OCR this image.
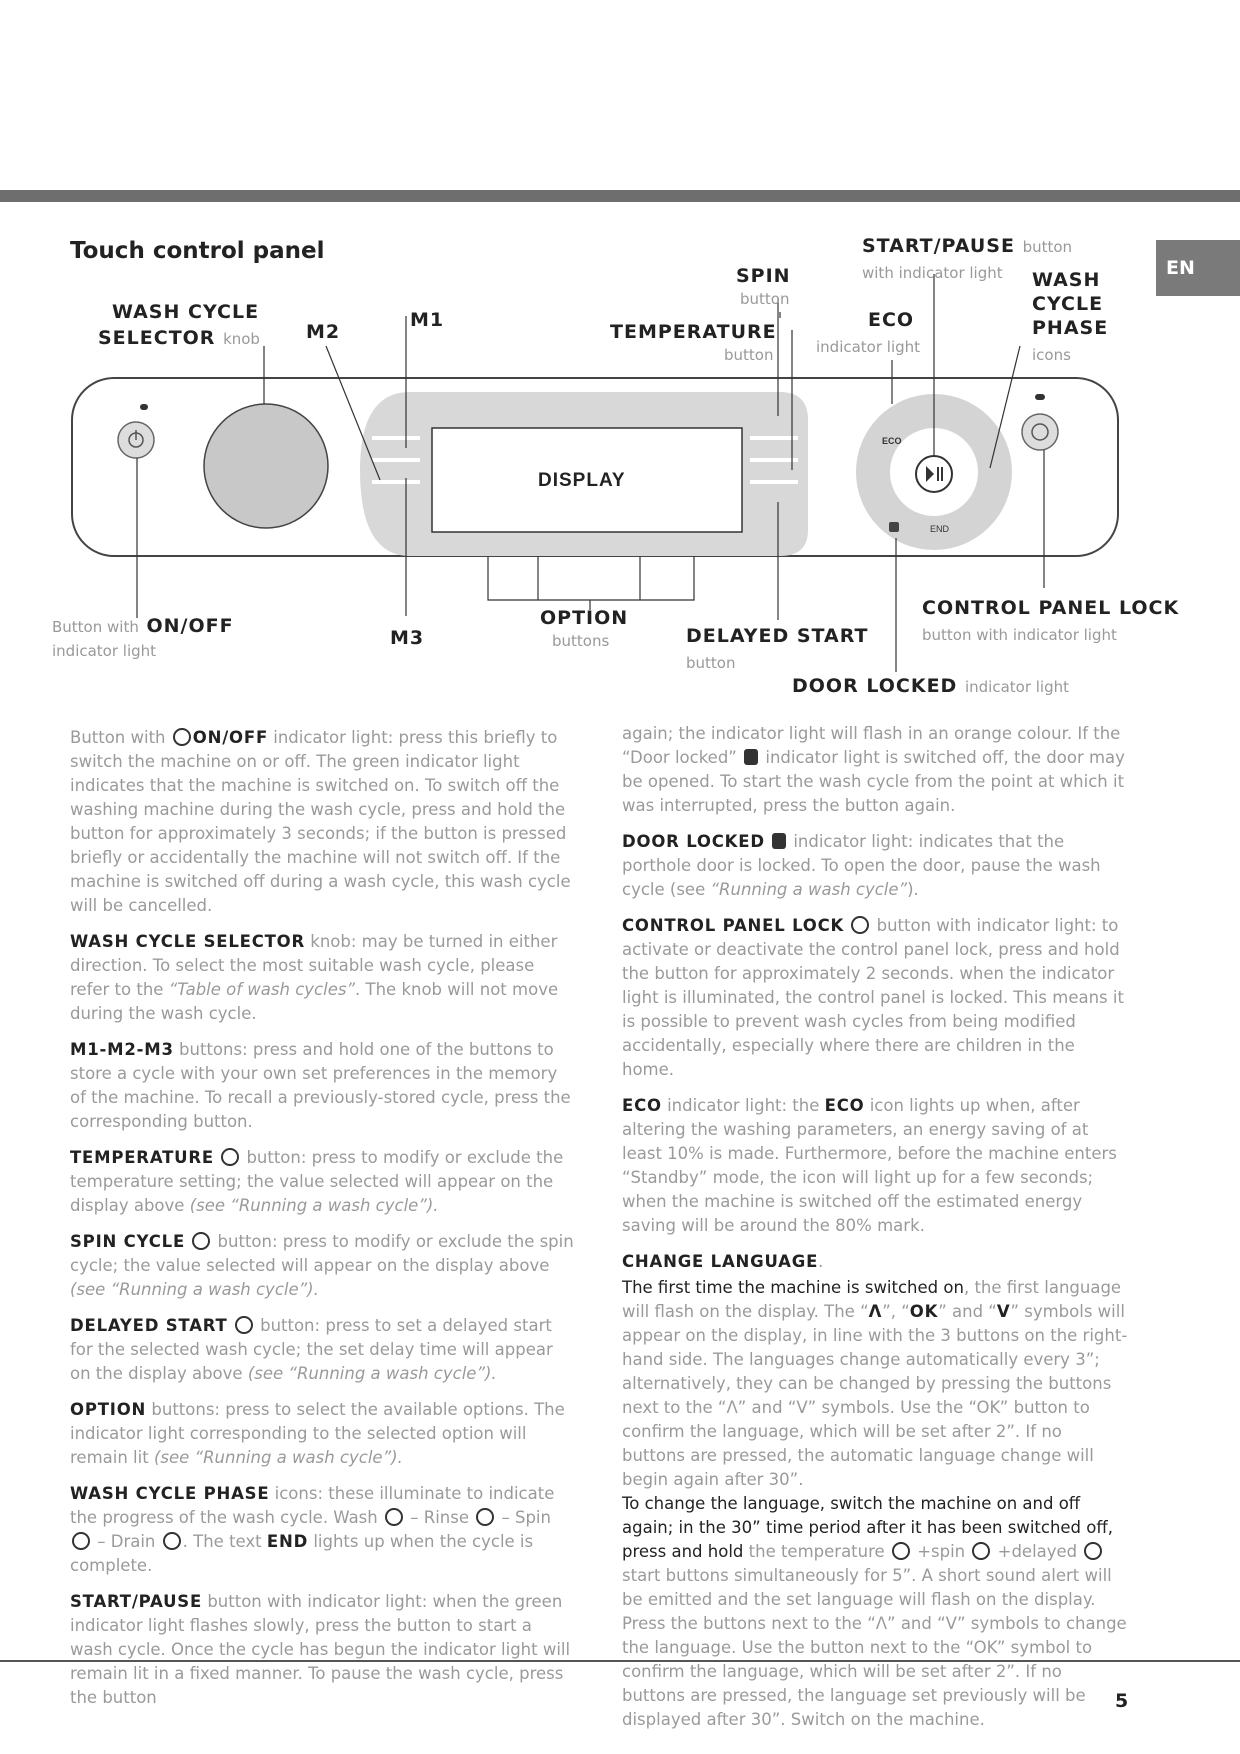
EN
Touch control panel
DISPLAY
ECO
END
WASH CYCLE
SELECTOR knob M2
M1
M3
SPIN
button
TEMPERATURE
button
START/PAUSE button
with indicator light
ECO
indicator light
WASH
CYCLE
PHASE
icons
Button with ON/OFF
indicator light
OPTION
buttons	DELAYED START
button
CONTROL PANEL LOCK
button with indicator light
DOOR LOCKED indicator light

Button with ON/OFF indicator light: press this briefly to switch the machine on or off. The green indicator light indicates that the machine is switched on. To switch off the washing machine during the wash cycle, press and hold the button for approximately 3 seconds; if the button is pressed briefly or accidentally the machine will not switch off. If the machine is switched off during a wash cycle, this wash cycle will be cancelled.

WASH CYCLE SELECTOR knob: may be turned in either direction. To select the most suitable wash cycle, please refer to the “Table of wash cycles”. The knob will not move during the wash cycle.

M1-M2-M3 buttons: press and hold one of the buttons to store a cycle with your own set preferences in the memory of the machine. To recall a previously-stored cycle, press the corresponding button.

TEMPERATURE button: press to modify or exclude the temperature setting; the value selected will appear on the display above (see “Running a wash cycle”).

SPIN CYCLE button: press to modify or exclude the spin cycle; the value selected will appear on the display above (see “Running a wash cycle”).

DELAYED START button: press to set a delayed start for the selected wash cycle; the set delay time will appear on the display above (see “Running a wash cycle”).

OPTION buttons: press to select the available options. The indicator light corresponding to the selected option will remain lit (see “Running a wash cycle”).

WASH CYCLE PHASE icons: these illuminate to indicate the progress of the wash cycle. Wash – Rinse – Spin  – Drain . The text END lights up when the cycle is complete.

START/PAUSE button with indicator light: when the green indicator light flashes slowly, press the button to start a wash cycle. Once the cycle has begun the indicator light will remain lit in a fixed manner. To pause the wash cycle, press the button

again; the indicator light will flash in an orange colour. If the “Door locked” indicator light is switched off, the door may be opened. To start the wash cycle from the point at which it was interrupted, press the button again.

DOOR LOCKED indicator light: indicates that the porthole door is locked. To open the door, pause the wash cycle (see “Running a wash cycle”).

CONTROL PANEL LOCK button with indicator light: to activate or deactivate the control panel lock, press and hold the button for approximately 2 seconds. when the indicator light is illuminated, the control panel is locked. This means it is possible to prevent wash cycles from being modified accidentally, especially where there are children in the home.

ECO indicator light: the ECO icon lights up when, after altering the washing parameters, an energy saving of at least 10% is made. Furthermore, before the machine enters “Standby” mode, the icon will light up for a few seconds; when the machine is switched off the estimated energy saving will be around the 80% mark.

CHANGE LANGUAGE.

The first time the machine is switched on, the first language will flash on the display. The “Λ”, “OK” and “V” symbols will appear on the display, in line with the 3 buttons on the right-hand side. The languages change automatically every 3”; alternatively, they can be changed by pressing the buttons next to the “Λ” and “V” symbols. Use the “OK” button to confirm the language, which will be set after 2”. If no buttons are pressed, the automatic language change will begin again after 30”.

To change the language, switch the machine on and off again; in the 30” time period after it has been switched off, press and hold the temperature +spin +delayed  start buttons simultaneously for 5”. A short sound alert will be emitted and the set language will flash on the display. Press the buttons next to the “Λ” and “V” symbols to change the language. Use the button next to the “OK” symbol to confirm the language, which will be set after 2”. If no buttons are pressed, the language set previously will be displayed after 30”. Switch on the machine.

5
